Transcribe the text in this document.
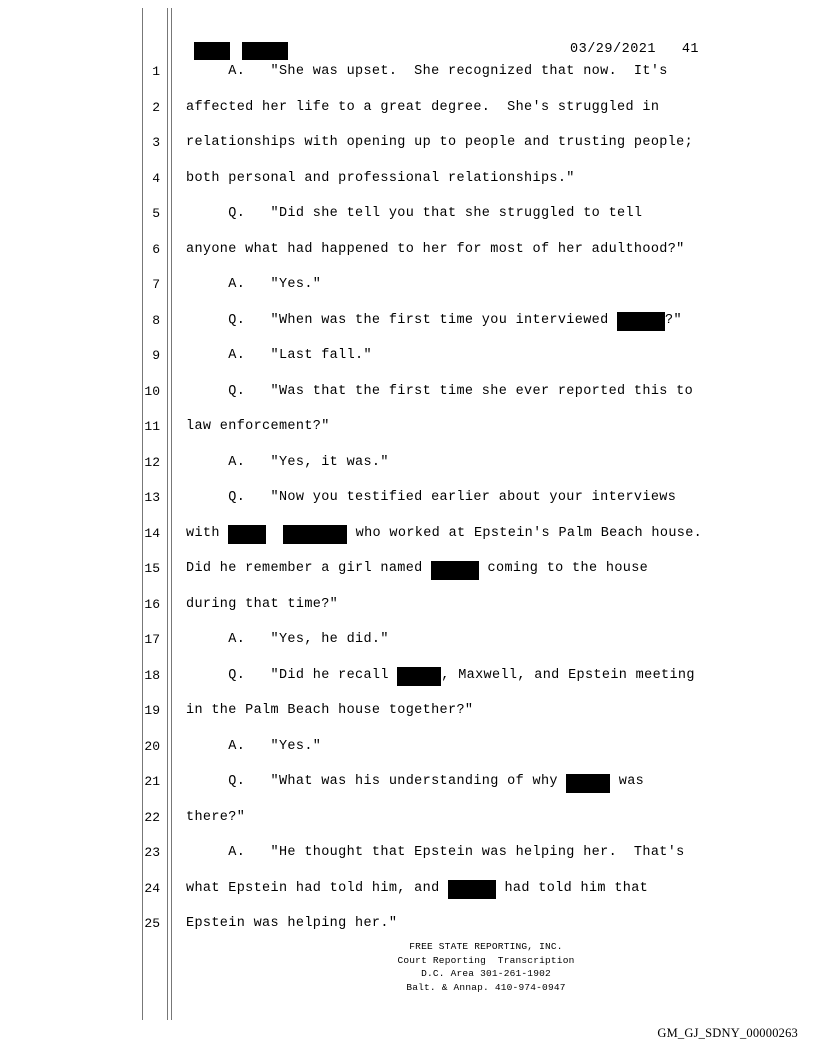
03/29/2021   41
1
2
3
4
5
6
7
8
9
10
11
12
13
14
15
16
17
18
19
20
21
22
23
24
25
A.   "She was upset.  She recognized that now.  It's
affected her life to a great degree.  She's struggled in
relationships with opening up to people and trusting people;
both personal and professional relationships."
Q.   "Did she tell you that she struggled to tell
anyone what had happened to her for most of her adulthood?"
A.   "Yes."
Q.   "When was the first time you interviewed	?"
A.   "Last fall."
Q.   "Was that the first time she ever reported this to
law enforcement?"
A.   "Yes, it was."
Q.   "Now you testified earlier about your interviews
with	who worked at Epstein's Palm Beach house.
Did he remember a girl named	coming to the house
during that time?"
A.   "Yes, he did."
Q.   "Did he recall	, Maxwell, and Epstein meeting
in the Palm Beach house together?"
A.   "Yes."
Q.   "What was his understanding of why	was
there?"
A.   "He thought that Epstein was helping her.  That's
what Epstein had told him, and	had told him that
Epstein was helping her."
FREE STATE REPORTING, INC.
Court Reporting  Transcription
D.C. Area 301-261-1902
Balt. & Annap. 410-974-0947
GM_GJ_SDNY_00000263
